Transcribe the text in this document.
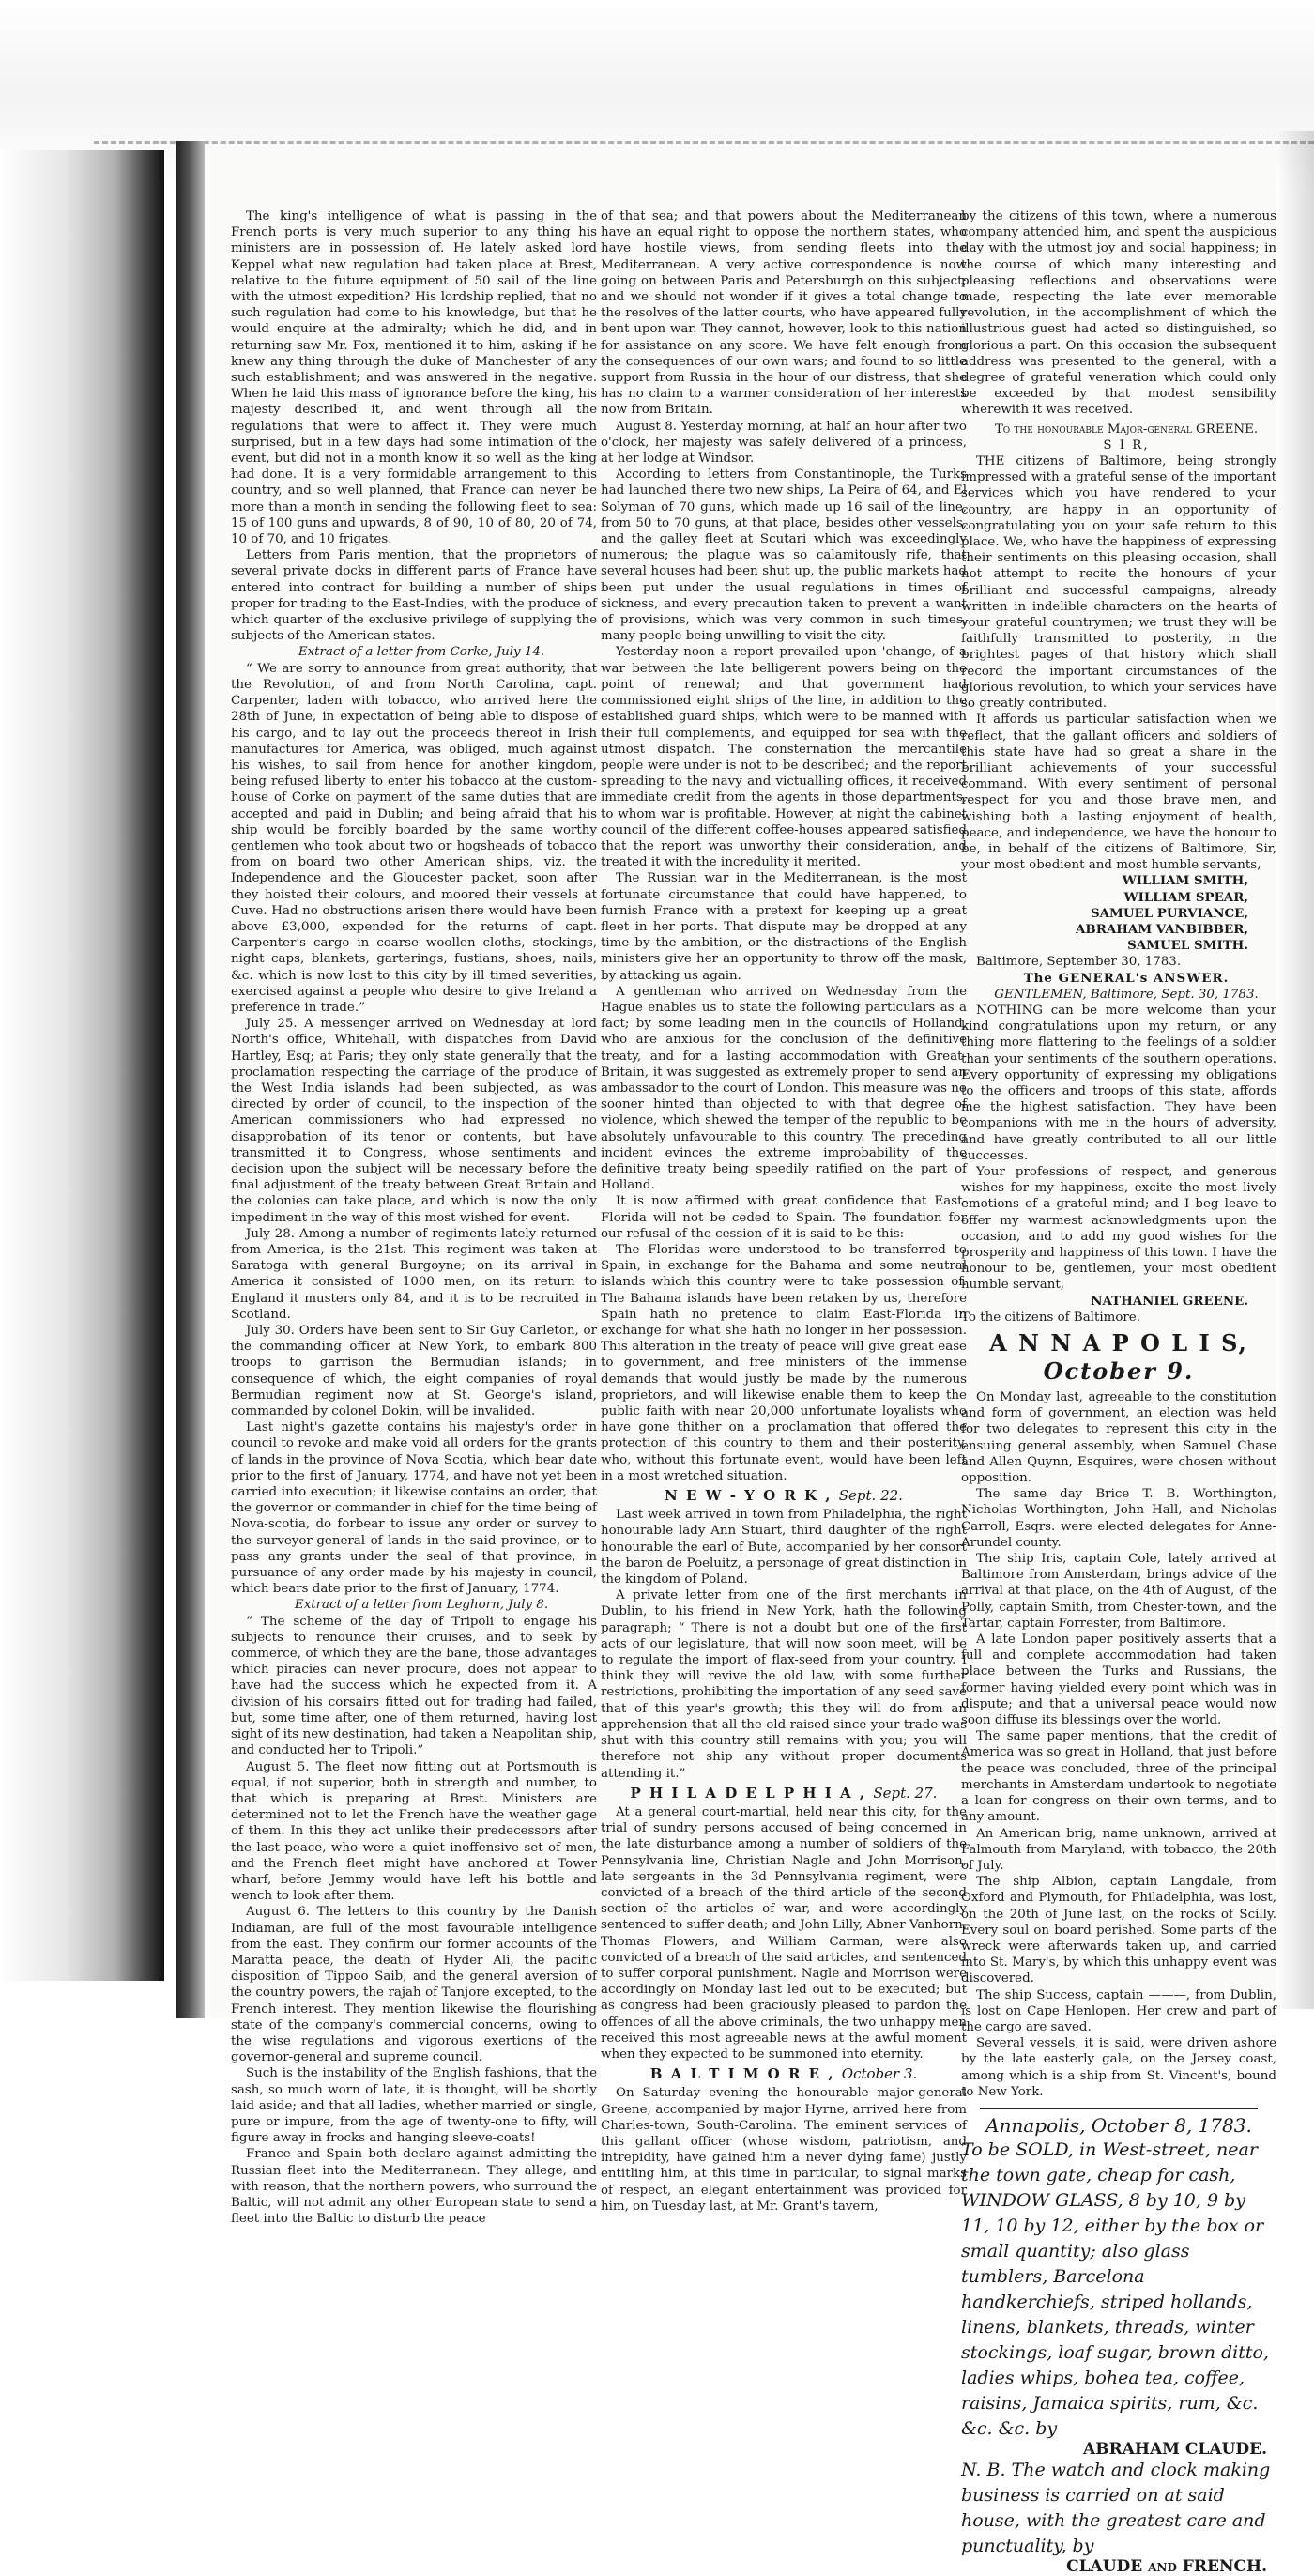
The king's intelligence of what is passing in the French ports is very much superior to any thing his ministers are in possession of. He lately asked lord Keppel what new regulation had taken place at Brest, relative to the future equipment of 50 sail of the line with the utmost expedition? His lordship replied, that no such regulation had come to his knowledge, but that he would enquire at the admiralty; which he did, and in returning saw Mr. Fox, mentioned it to him, asking if he knew any thing through the duke of Manchester of any such establishment; and was answered in the negative. When he laid this mass of ignorance before the king, his majesty described it, and went through all the regulations that were to affect it. They were much surprised, but in a few days had some intimation of the event, but did not in a month know it so well as the king had done. It is a very formidable arrangement to this country, and so well planned, that France can never be more than a month in sending the following fleet to sea: 15 of 100 guns and upwards, 8 of 90, 10 of 80, 20 of 74, 10 of 70, and 10 frigates.

Letters from Paris mention, that the proprietors of several private docks in different parts of France have entered into contract for building a number of ships proper for trading to the East-Indies, with the produce of which quarter of the exclusive privilege of supplying the subjects of the American states.

Extract of a letter from Corke, July 14.

“ We are sorry to announce from great authority, that the Revolution, of and from North Carolina, capt. Carpenter, laden with tobacco, who arrived here the 28th of June, in expectation of being able to dispose of his cargo, and to lay out the proceeds thereof in Irish manufactures for America, was obliged, much against his wishes, to sail from hence for another kingdom, being refused liberty to enter his tobacco at the custom-house of Corke on payment of the same duties that are accepted and paid in Dublin; and being afraid that his ship would be forcibly boarded by the same worthy gentlemen who took about two or hogsheads of tobacco from on board two other American ships, viz. the Independence and the Gloucester packet, soon after they hoisted their colours, and moored their vessels at Cuve. Had no obstructions arisen there would have been above £3,000, expended for the returns of capt. Carpenter's cargo in coarse woollen cloths, stockings, night caps, blankets, garterings, fustians, shoes, nails, &c. which is now lost to this city by ill timed severities, exercised against a people who desire to give Ireland a preference in trade.”

July 25. A messenger arrived on Wednesday at lord North's office, Whitehall, with dispatches from David Hartley, Esq; at Paris; they only state generally that the proclamation respecting the carriage of the produce of the West India islands had been subjected, as was directed by order of council, to the inspection of the American commissioners who had expressed no disapprobation of its tenor or contents, but have transmitted it to Congress, whose sentiments and decision upon the subject will be necessary before the final adjustment of the treaty between Great Britain and the colonies can take place, and which is now the only impediment in the way of this most wished for event.

July 28. Among a number of regiments lately returned from America, is the 21st. This regiment was taken at Saratoga with general Burgoyne; on its arrival in America it consisted of 1000 men, on its return to England it musters only 84, and it is to be recruited in Scotland.

July 30. Orders have been sent to Sir Guy Carleton, or the commanding officer at New York, to embark 800 troops to garrison the Bermudian islands; in consequence of which, the eight companies of royal Bermudian regiment now at St. George's island, commanded by colonel Dokin, will be invalided.

Last night's gazette contains his majesty's order in council to revoke and make void all orders for the grants of lands in the province of Nova Scotia, which bear date prior to the first of January, 1774, and have not yet been carried into execution; it likewise contains an order, that the governor or commander in chief for the time being of Nova-scotia, do forbear to issue any order or survey to the surveyor-general of lands in the said province, or to pass any grants under the seal of that province, in pursuance of any order made by his majesty in council, which bears date prior to the first of January, 1774.

Extract of a letter from Leghorn, July 8.

“ The scheme of the day of Tripoli to engage his subjects to renounce their cruises, and to seek by commerce, of which they are the bane, those advantages which piracies can never procure, does not appear to have had the success which he expected from it. A division of his corsairs fitted out for trading had failed, but, some time after, one of them returned, having lost sight of its new destination, had taken a Neapolitan ship, and conducted her to Tripoli.”

August 5. The fleet now fitting out at Portsmouth is equal, if not superior, both in strength and number, to that which is preparing at Brest. Ministers are determined not to let the French have the weather gage of them. In this they act unlike their predecessors after the last peace, who were a quiet inoffensive set of men, and the French fleet might have anchored at Tower wharf, before Jemmy would have left his bottle and wench to look after them.

August 6. The letters to this country by the Danish Indiaman, are full of the most favourable intelligence from the east. They confirm our former accounts of the Maratta peace, the death of Hyder Ali, the pacific disposition of Tippoo Saib, and the general aversion of the country powers, the rajah of Tanjore excepted, to the French interest. They mention likewise the flourishing state of the company's commercial concerns, owing to the wise regulations and vigorous exertions of the governor-general and supreme council.

Such is the instability of the English fashions, that the sash, so much worn of late, it is thought, will be shortly laid aside; and that all ladies, whether married or single, pure or impure, from the age of twenty-one to fifty, will figure away in frocks and hanging sleeve-coats!

France and Spain both declare against admitting the Russian fleet into the Mediterranean. They allege, and with reason, that the northern powers, who surround the Baltic, will not admit any other European state to send a fleet into the Baltic to disturb the peace

of that sea; and that powers about the Mediterranean have an equal right to oppose the northern states, who have hostile views, from sending fleets into the Mediterranean. A very active correspondence is now going on between Paris and Petersburgh on this subject; and we should not wonder if it gives a total change to the resolves of the latter courts, who have appeared fully bent upon war. They cannot, however, look to this nation for assistance on any score. We have felt enough from the consequences of our own wars; and found to so little support from Russia in the hour of our distress, that she has no claim to a warmer consideration of her interests now from Britain.

August 8. Yesterday morning, at half an hour after two o'clock, her majesty was safely delivered of a princess, at her lodge at Windsor.

According to letters from Constantinople, the Turks had launched there two new ships, La Peira of 64, and El Solyman of 70 guns, which made up 16 sail of the line, from 50 to 70 guns, at that place, besides other vessels, and the galley fleet at Scutari which was exceedingly numerous; the plague was so calamitously rife, that several houses had been shut up, the public markets had been put under the usual regulations in times of sickness, and every precaution taken to prevent a want of provisions, which was very common in such times, many people being unwilling to visit the city.

Yesterday noon a report prevailed upon 'change, of a war between the late belligerent powers being on the point of renewal; and that government had commissioned eight ships of the line, in addition to the established guard ships, which were to be manned with their full complements, and equipped for sea with the utmost dispatch. The consternation the mercantile people were under is not to be described; and the report spreading to the navy and victualling offices, it received immediate credit from the agents in those departments, to whom war is profitable. However, at night the cabinet council of the different coffee-houses appeared satisfied that the report was unworthy their consideration, and treated it with the incredulity it merited.

The Russian war in the Mediterranean, is the most fortunate circumstance that could have happened, to furnish France with a pretext for keeping up a great fleet in her ports. That dispute may be dropped at any time by the ambition, or the distractions of the English ministers give her an opportunity to throw off the mask, by attacking us again.

A gentleman who arrived on Wednesday from the Hague enables us to state the following particulars as a fact; by some leading men in the councils of Holland, who are anxious for the conclusion of the definitive treaty, and for a lasting accommodation with Great-Britain, it was suggested as extremely proper to send an ambassador to the court of London. This measure was no sooner hinted than objected to with that degree of violence, which shewed the temper of the republic to be absolutely unfavourable to this country. The preceding incident evinces the extreme improbability of the definitive treaty being speedily ratified on the part of Holland.

It is now affirmed with great confidence that East-Florida will not be ceded to Spain. The foundation for our refusal of the cession of it is said to be this:

The Floridas were understood to be transferred to Spain, in exchange for the Bahama and some neutral islands which this country were to take possession of. The Bahama islands have been retaken by us, therefore Spain hath no pretence to claim East-Florida in exchange for what she hath no longer in her possession. This alteration in the treaty of peace will give great ease to government, and free ministers of the immense demands that would justly be made by the numerous proprietors, and will likewise enable them to keep the public faith with near 20,000 unfortunate loyalists who have gone thither on a proclamation that offered the protection of this country to them and their posterity, who, without this fortunate event, would have been left in a most wretched situation.

N E W - Y O R K , Sept. 22.

Last week arrived in town from Philadelphia, the right honourable lady Ann Stuart, third daughter of the right honourable the earl of Bute, accompanied by her consort the baron de Poeluitz, a personage of great distinction in the kingdom of Poland.

A private letter from one of the first merchants in Dublin, to his friend in New York, hath the following paragraph; “ There is not a doubt but one of the first acts of our legislature, that will now soon meet, will be to regulate the import of flax-seed from your country. I think they will revive the old law, with some further restrictions, prohibiting the importation of any seed save that of this year's growth; this they will do from an apprehension that all the old raised since your trade was shut with this country still remains with you; you will therefore not ship any without proper documents attending it.”

P H I L A D E L P H I A , Sept. 27.

At a general court-martial, held near this city, for the trial of sundry persons accused of being concerned in the late disturbance among a number of soldiers of the Pennsylvania line, Christian Nagle and John Morrison, late sergeants in the 3d Pennsylvania regiment, were convicted of a breach of the third article of the second section of the articles of war, and were accordingly sentenced to suffer death; and John Lilly, Abner Vanhorn, Thomas Flowers, and William Carman, were also convicted of a breach of the said articles, and sentenced to suffer corporal punishment. Nagle and Morrison were accordingly on Monday last led out to be executed; but as congress had been graciously pleased to pardon the offences of all the above criminals, the two unhappy men received this most agreeable news at the awful moment when they expected to be summoned into eternity.

B A L T I M O R E , October 3.

On Saturday evening the honourable major-general Greene, accompanied by major Hyrne, arrived here from Charles-town, South-Carolina. The eminent services of this gallant officer (whose wisdom, patriotism, and intrepidity, have gained him a never dying fame) justly entitling him, at this time in particular, to signal marks of respect, an elegant entertainment was provided for him, on Tuesday last, at Mr. Grant's tavern,

by the citizens of this town, where a numerous company attended him, and spent the auspicious day with the utmost joy and social happiness; in the course of which many interesting and pleasing reflections and observations were made, respecting the late ever memorable revolution, in the accomplishment of which the illustrious guest had acted so distinguished, so glorious a part. On this occasion the subsequent address was presented to the general, with a degree of grateful veneration which could only be exceeded by that modest sensibility wherewith it was received.

To the honourable Major-general GREENE.

S I R,

THE citizens of Baltimore, being strongly impressed with a grateful sense of the important services which you have rendered to your country, are happy in an opportunity of congratulating you on your safe return to this place. We, who have the happiness of expressing their sentiments on this pleasing occasion, shall not attempt to recite the honours of your brilliant and successful campaigns, already written in indelible characters on the hearts of your grateful countrymen; we trust they will be faithfully transmitted to posterity, in the brightest pages of that history which shall record the important circumstances of the glorious revolution, to which your services have so greatly contributed.

It affords us particular satisfaction when we reflect, that the gallant officers and soldiers of this state have had so great a share in the brilliant achievements of your successful command. With every sentiment of personal respect for you and those brave men, and wishing both a lasting enjoyment of health, peace, and independence, we have the honour to be, in behalf of the citizens of Baltimore, Sir, your most obedient and most humble servants,

WILLIAM SMITH,

WILLIAM SPEAR,

SAMUEL PURVIANCE,

ABRAHAM VANBIBBER,

SAMUEL SMITH.

Baltimore, September 30, 1783.

The GENERAL's ANSWER.

GENTLEMEN, Baltimore, Sept. 30, 1783.

NOTHING can be more welcome than your kind congratulations upon my return, or any thing more flattering to the feelings of a soldier than your sentiments of the southern operations. Every opportunity of expressing my obligations to the officers and troops of this state, affords me the highest satisfaction. They have been companions with me in the hours of adversity, and have greatly contributed to all our little successes.

Your professions of respect, and generous wishes for my happiness, excite the most lively emotions of a grateful mind; and I beg leave to offer my warmest acknowledgments upon the occasion, and to add my good wishes for the prosperity and happiness of this town. I have the honour to be, gentlemen, your most obedient humble servant,

NATHANIEL GREENE.

To the citizens of Baltimore.

A N N A P O L I S, October 9.

On Monday last, agreeable to the constitution and form of government, an election was held for two delegates to represent this city in the ensuing general assembly, when Samuel Chase and Allen Quynn, Esquires, were chosen without opposition.

The same day Brice T. B. Worthington, Nicholas Worthington, John Hall, and Nicholas Carroll, Esqrs. were elected delegates for Anne-Arundel county.

The ship Iris, captain Cole, lately arrived at Baltimore from Amsterdam, brings advice of the arrival at that place, on the 4th of August, of the Polly, captain Smith, from Chester-town, and the Tartar, captain Forrester, from Baltimore.

A late London paper positively asserts that a full and complete accommodation had taken place between the Turks and Russians, the former having yielded every point which was in dispute; and that a universal peace would now soon diffuse its blessings over the world.

The same paper mentions, that the credit of America was so great in Holland, that just before the peace was concluded, three of the principal merchants in Amsterdam undertook to negotiate a loan for congress on their own terms, and to any amount.

An American brig, name unknown, arrived at Falmouth from Maryland, with tobacco, the 20th of July.

The ship Albion, captain Langdale, from Oxford and Plymouth, for Philadelphia, was lost, on the 20th of June last, on the rocks of Scilly. Every soul on board perished. Some parts of the wreck were afterwards taken up, and carried into St. Mary's, by which this unhappy event was discovered.

The ship Success, captain ———, from Dublin, is lost on Cape Henlopen. Her crew and part of the cargo are saved.

Several vessels, it is said, were driven ashore by the late easterly gale, on the Jersey coast, among which is a ship from St. Vincent's, bound to New York.

Annapolis, October 8, 1783.
To be SOLD, in West-street, near the town gate, cheap for cash,
WINDOW GLASS, 8 by 10, 9 by 11, 10 by 12, either by the box or small quantity; also glass tumblers, Barcelona handkerchiefs, striped hollands, linens, blankets, threads, winter stockings, loaf sugar, brown ditto, ladies whips, bohea tea, coffee, raisins, Jamaica spirits, rum, &c. &c. &c. by
ABRAHAM CLAUDE.
N. B. The watch and clock making business is carried on at said house, with the greatest care and punctuality, by
CLAUDE and FRENCH.
